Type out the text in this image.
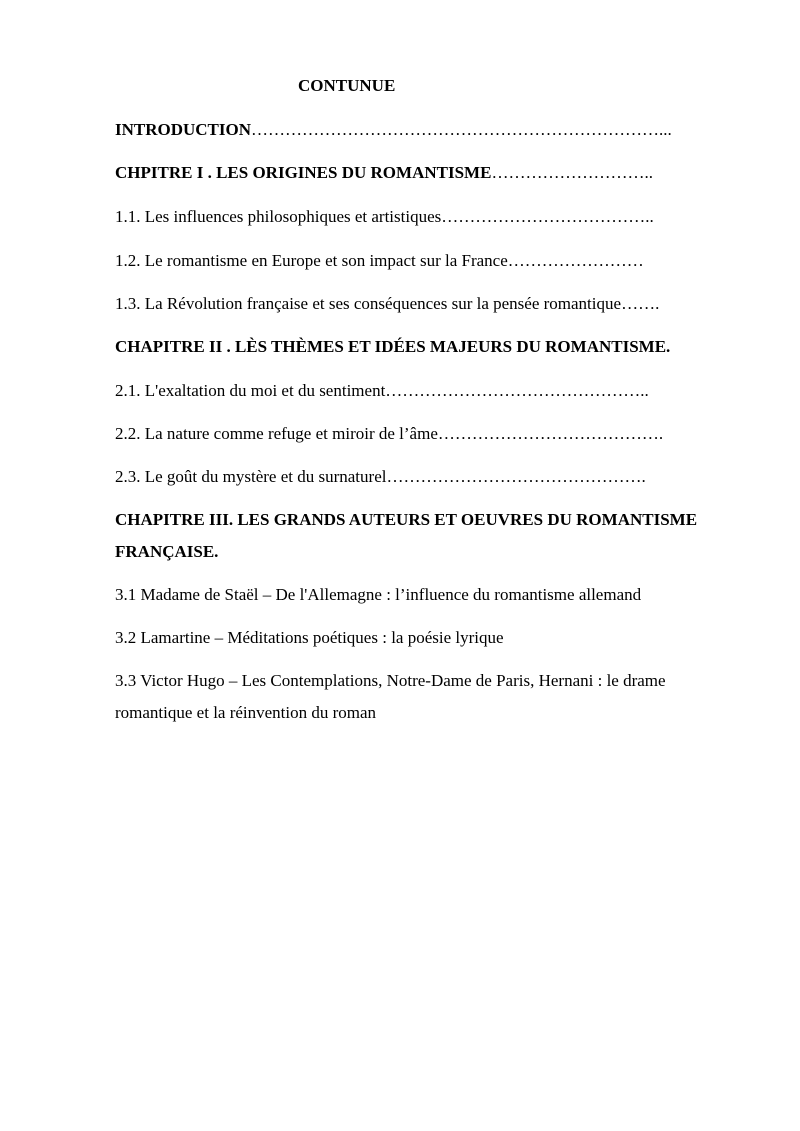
CONTUNUE
INTRODUCTION………………………………………………………………...
CHPITRE I . LES ORIGINES DU ROMANTISME………………………..
1.1. Les influences philosophiques et artistiques………………………………..
1.2. Le romantisme en Europe et son impact sur la France……………………
1.3. La Révolution française et ses conséquences sur la pensée romantique…….
CHAPITRE II . LÈS THÈMES ET IDÉES MAJEURS DU ROMANTISME.
2.1. L'exaltation du moi et du sentiment………………………………………..
2.2. La nature comme refuge et miroir de l’âme………………………………….
2.3. Le goût du mystère et du surnaturel……………………………………….
CHAPITRE III. LES GRANDS AUTEURS ET OEUVRES DU ROMANTISME FRANÇAISE.
3.1 Madame de Staël – De l'Allemagne : l’influence du romantisme allemand
3.2 Lamartine – Méditations poétiques : la poésie lyrique
3.3 Victor Hugo – Les Contemplations, Notre-Dame de Paris, Hernani : le drame romantique et la réinvention du roman
